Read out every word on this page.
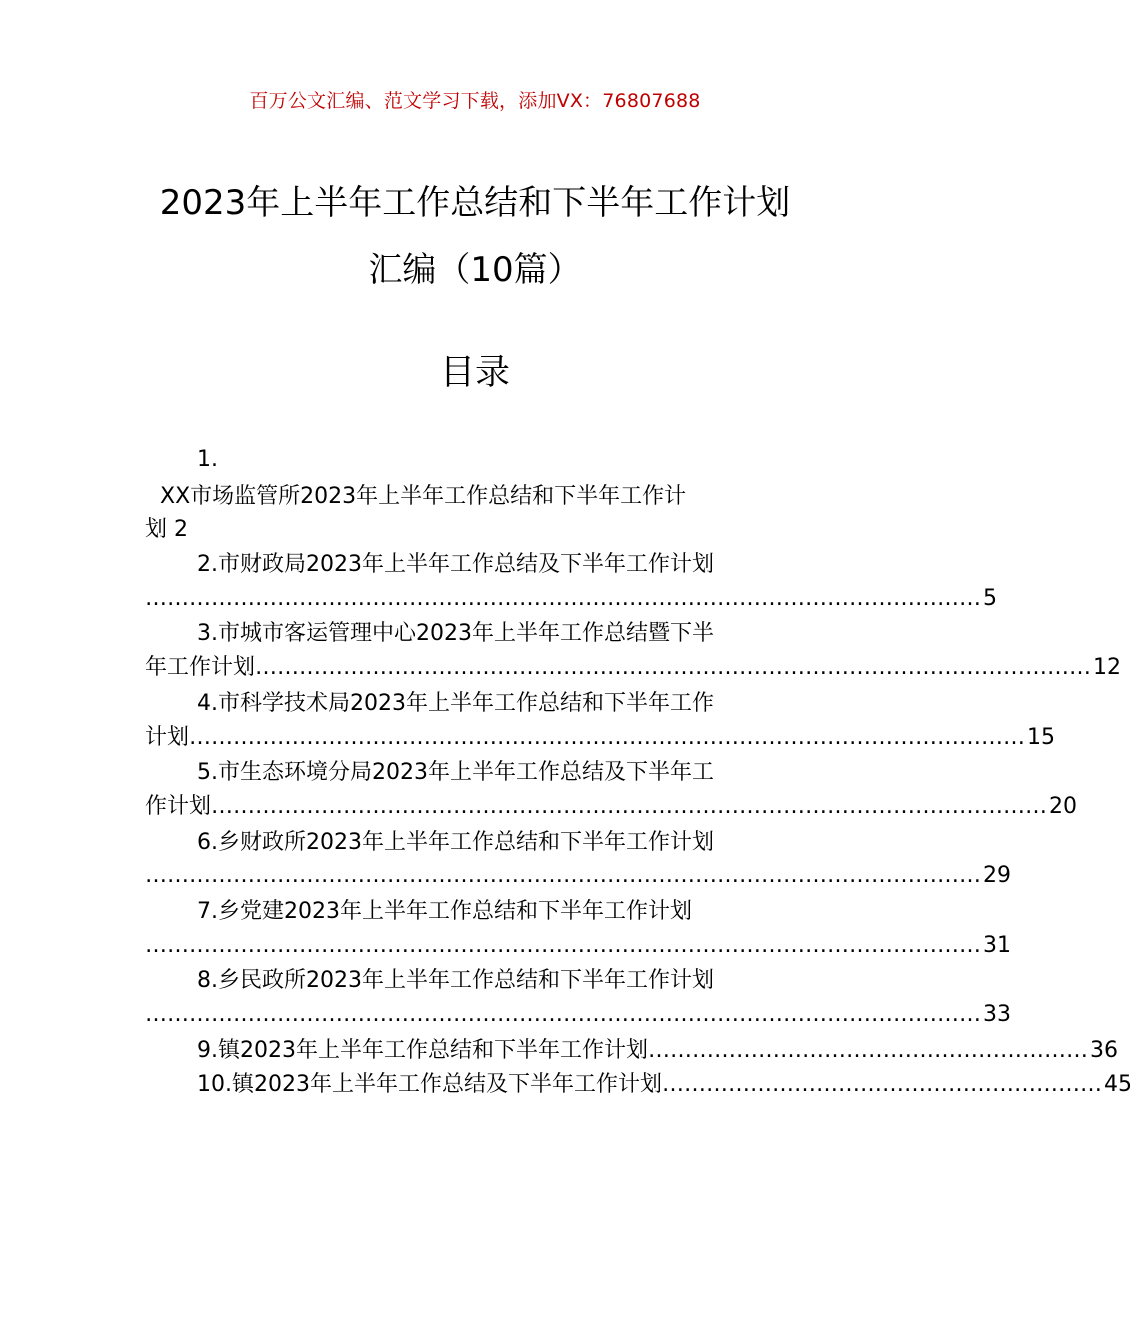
百万公文汇编、范文学习下载，添加VX：76807688
2023年上半年工作总结和下半年工作计划
汇编（10篇）
目录
1.
XX市场监管所2023年上半年工作总结和下半年工作计
划 2
2.市财政局2023年上半年工作总结及下半年工作计划
…………………………………………………………………………………………………… 5
3.市城市客运管理中心2023年上半年工作总结暨下半
年工作计划 …………………………………………………………………………………………………… 12
4.市科学技术局2023年上半年工作总结和下半年工作
计划 …………………………………………………………………………………………………… 15
5.市生态环境分局2023年上半年工作总结及下半年工
作计划 …………………………………………………………………………………………………… 20
6.乡财政所2023年上半年工作总结和下半年工作计划
…………………………………………………………………………………………………… 29
7.乡党建2023年上半年工作总结和下半年工作计划
…………………………………………………………………………………………………… 31
8.乡民政所2023年上半年工作总结和下半年工作计划
…………………………………………………………………………………………………… 33
9.镇2023年上半年工作总结和下半年工作计划 …………………………………………………… 36
10.镇2023年上半年工作总结及下半年工作计划 …………………………………………………… 45
